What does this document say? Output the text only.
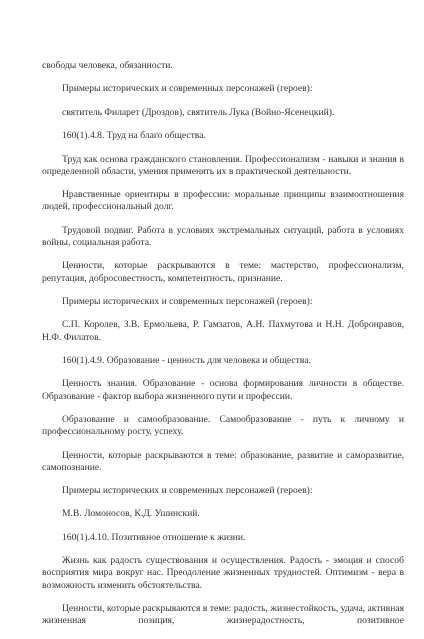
свободы человека, обязанности.

Примеры исторических и современных персонажей (героев):

святитель Филарет (Дроздов), святитель Лука (Войно-Ясенецкий).

160(1).4.8. Труд на благо общества.

Труд как основа гражданского становления. Профессионализм - навыки и знания в определенной области, умения применять их в практической деятельности.

Нравственные ориентиры в профессии: моральные принципы взаимоотношения людей, профессиональный долг.

Трудовой подвиг. Работа в условиях экстремальных ситуаций, работа в условиях войны, социальная работа.

Ценности, которые раскрываются в теме: мастерство, профессионализм, репутация, добросовестность, компетентность, признание.

Примеры исторических и современных персонажей (героев):

С.П. Королев, З.В. Ермольева, Р. Гамзатов, А.Н. Пахмутова и Н.Н. Добронравов, Н.Ф. Филатов.

160(1).4.9. Образование - ценность для человека и общества.

Ценность знания. Образование - основа формирования личности в обществе. Образование - фактор выбора жизненного пути и профессии.

Образование и самообразование. Самообразование - путь к личному и профессиональному росту, успеху.

Ценности, которые раскрываются в теме: образование, развитие и саморазвитие, самопознание.

Примеры исторических и современных персонажей (героев):

М.В. Ломоносов, К.Д. Ушинский.

160(1).4.10. Позитивное отношение к жизни.

Жизнь как радость существования и осуществления. Радость - эмоция и способ восприятия мира вокруг нас. Преодоление жизненных трудностей. Оптимизм - вера в возможность изменить обстоятельства.

Ценности, которые раскрываются в теме: радость, жизнестойкость, удача, активная жизненная позиция, жизнерадостность, позитивное
